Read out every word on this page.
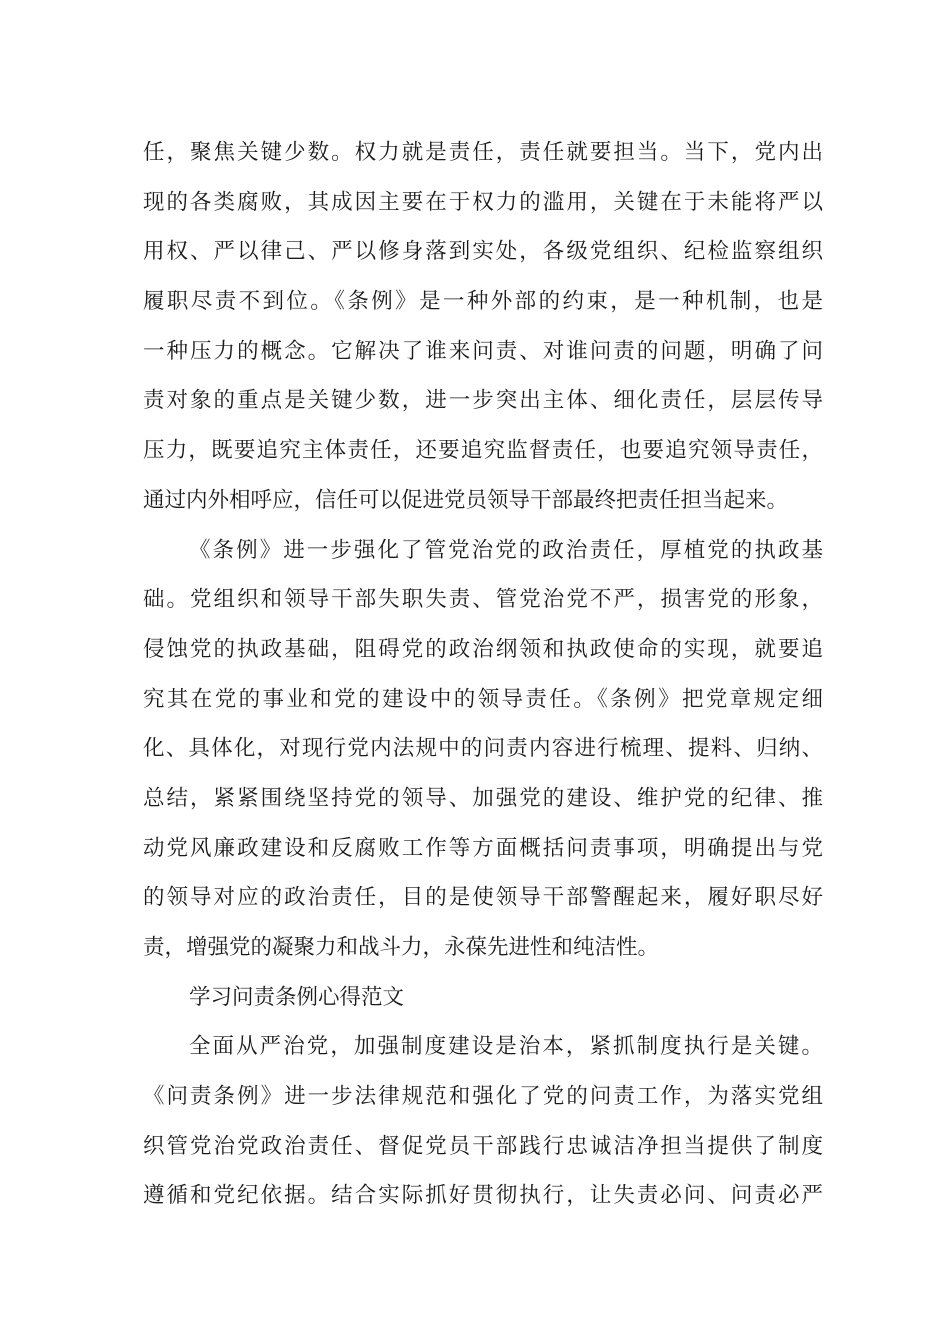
任，聚焦关键少数。权力就是责任，责任就要担当。当下，党内出
现的各类腐败，其成因主要在于权力的滥用，关键在于未能将严以
用权、严以律己、严以修身落到实处，各级党组织、纪检监察组织
履职尽责不到位。《条例》是一种外部的约束，是一种机制，也是
一种压力的概念。它解决了谁来问责、对谁问责的问题，明确了问
责对象的重点是关键少数，进一步突出主体、细化责任，层层传导
压力，既要追究主体责任，还要追究监督责任，也要追究领导责任，
通过内外相呼应，信任可以促进党员领导干部最终把责任担当起来。
《条例》进一步强化了管党治党的政治责任，厚植党的执政基
础。党组织和领导干部失职失责、管党治党不严，损害党的形象，
侵蚀党的执政基础，阻碍党的政治纲领和执政使命的实现，就要追
究其在党的事业和党的建设中的领导责任。《条例》把党章规定细
化、具体化，对现行党内法规中的问责内容进行梳理、提料、归纳、
总结，紧紧围绕坚持党的领导、加强党的建设、维护党的纪律、推
动党风廉政建设和反腐败工作等方面概括问责事项，明确提出与党
的领导对应的政治责任，目的是使领导干部警醒起来，履好职尽好
责，增强党的凝聚力和战斗力，永葆先进性和纯洁性。
学习问责条例心得范文
全面从严治党，加强制度建设是治本，紧抓制度执行是关键。
《问责条例》进一步法律规范和强化了党的问责工作，为落实党组
织管党治党政治责任、督促党员干部践行忠诚洁净担当提供了制度
遵循和党纪依据。结合实际抓好贯彻执行，让失责必问、问责必严
